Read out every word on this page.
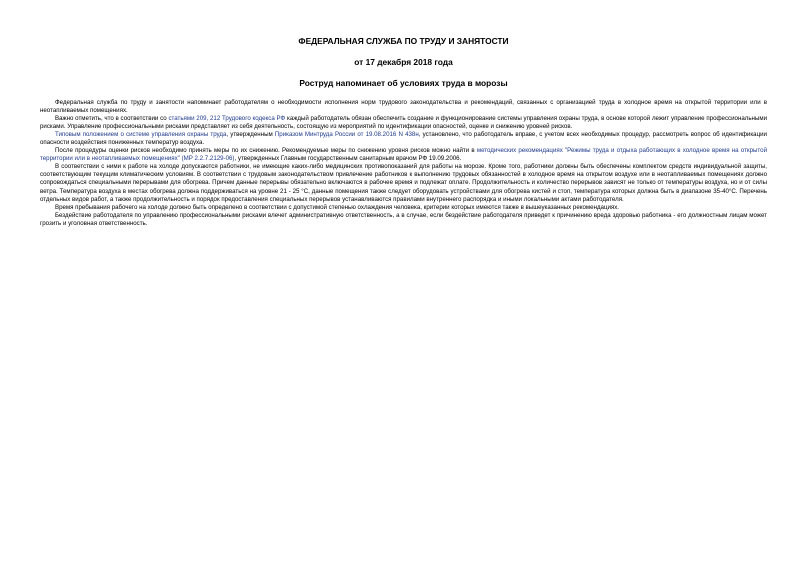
ФЕДЕРАЛЬНАЯ СЛУЖБА ПО ТРУДУ И ЗАНЯТОСТИ
от 17 декабря 2018 года
Роструд напоминает об условиях труда в морозы

Федеральная служба по труду и занятости напоминает работодателям о необходимости исполнения норм трудового законодательства и рекомендаций, связанных с организацией труда в холодное время на открытой территории или в неотапливаемых помещениях.

Важно отметить, что в соответствии со статьями 209, 212 Трудового кодекса РФ каждый работодатель обязан обеспечить создание и функционирование системы управления охраны труда, в основе которой лежит управление профессиональными рисками. Управление профессиональными рисками представляет из себя деятельность, состоящую из мероприятий по идентификации опасностей, оценке и снижению уровней рисков.

Типовым положением о системе управления охраны труда, утвержденным Приказом Минтруда России от 19.08.2016 N 438н, установлено, что работодатель вправе, с учетом всех необходимых процедур, рассмотреть вопрос об идентификации опасности воздействия пониженных температур воздуха.

После процедуры оценки рисков необходимо принять меры по их снижению. Рекомендуемые меры по снижению уровня рисков можно найти в методических рекомендациях "Режимы труда и отдыха работающих в холодное время на открытой территории или в неотапливаемых помещениях" (МР 2.2.7.2129-06), утвержденных Главным государственным санитарным врачом РФ 19.09.2006.

В соответствии с ними к работе на холоде допускаются работники, не имеющие каких-либо медицинских противопоказаний для работы на морозе. Кроме того, работники должны быть обеспечены комплектом средств индивидуальной защиты, соответствующим текущим климатическим условиям. В соответствии с трудовым законодательством привлечение работников к выполнению трудовых обязанностей в холодное время на открытом воздухе или в неотапливаемых помещениях должно сопровождаться специальными перерывами для обогрева. Причем данные перерывы обязательно включаются в рабочее время и подлежат оплате. Продолжительность и количество перерывов зависят не только от температуры воздуха, но и от силы ветра. Температура воздуха в местах обогрева должна поддерживаться на уровне 21 - 25 °C, данные помещения также следует оборудовать устройствами для обогрева кистей и стоп, температура которых должна быть в диапазоне 35-40°C. Перечень отдельных видов работ, а также продолжительность и порядок предоставления специальных перерывов устанавливаются правилами внутреннего распорядка и иными локальными актами работодателя.

Время пребывания рабочего на холоде должно быть определено в соответствии с допустимой степенью охлаждения человека, критерии которых имеются также в вышеуказанных рекомендациях.

Бездействие работодателя по управлению профессиональными рисками влечет административную ответственность, а в случае, если бездействие работодателя приведет к причинению вреда здоровью работника - его должностным лицам может грозить и уголовная ответственность.
